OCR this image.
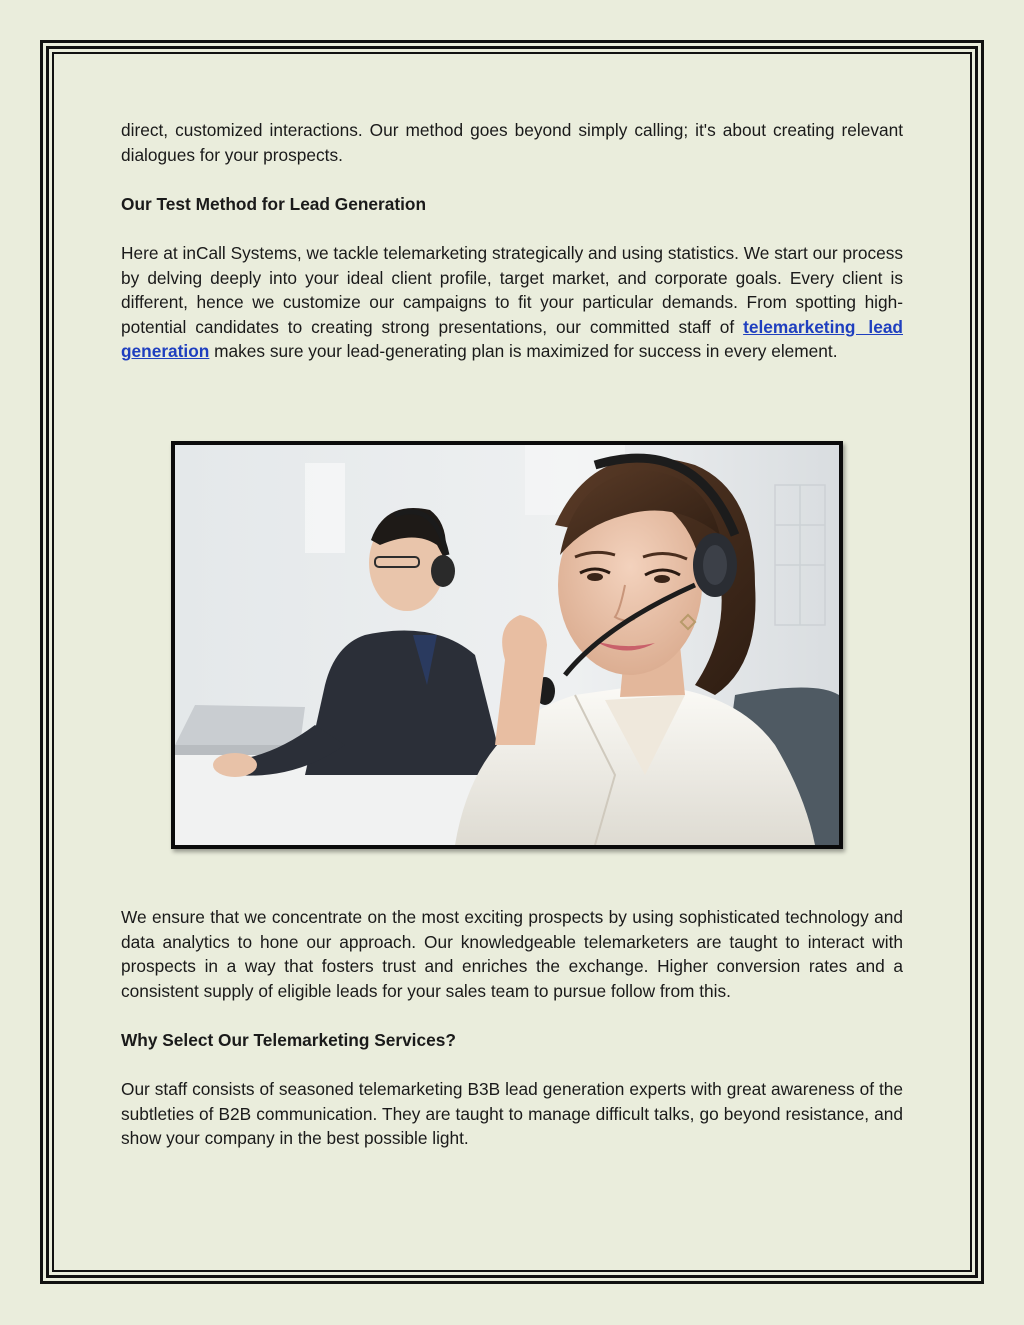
direct, customized interactions. Our method goes beyond simply calling; it's about creating relevant dialogues for your prospects.

Our Test Method for Lead Generation

Here at inCall Systems, we tackle telemarketing strategically and using statistics. We start our process by delving deeply into your ideal client profile, target market, and corporate goals. Every client is different, hence we customize our campaigns to fit your particular demands. From spotting high-potential candidates to creating strong presentations, our committed staff of telemarketing lead generation makes sure your lead-generating plan is maximized for success in every element.

We ensure that we concentrate on the most exciting prospects by using sophisticated technology and data analytics to hone our approach. Our knowledgeable telemarketers are taught to interact with prospects in a way that fosters trust and enriches the exchange. Higher conversion rates and a consistent supply of eligible leads for your sales team to pursue follow from this.

Why Select Our Telemarketing Services?

Our staff consists of seasoned telemarketing B3B lead generation experts with great awareness of the subtleties of B2B communication. They are taught to manage difficult talks, go beyond resistance, and show your company in the best possible light.
